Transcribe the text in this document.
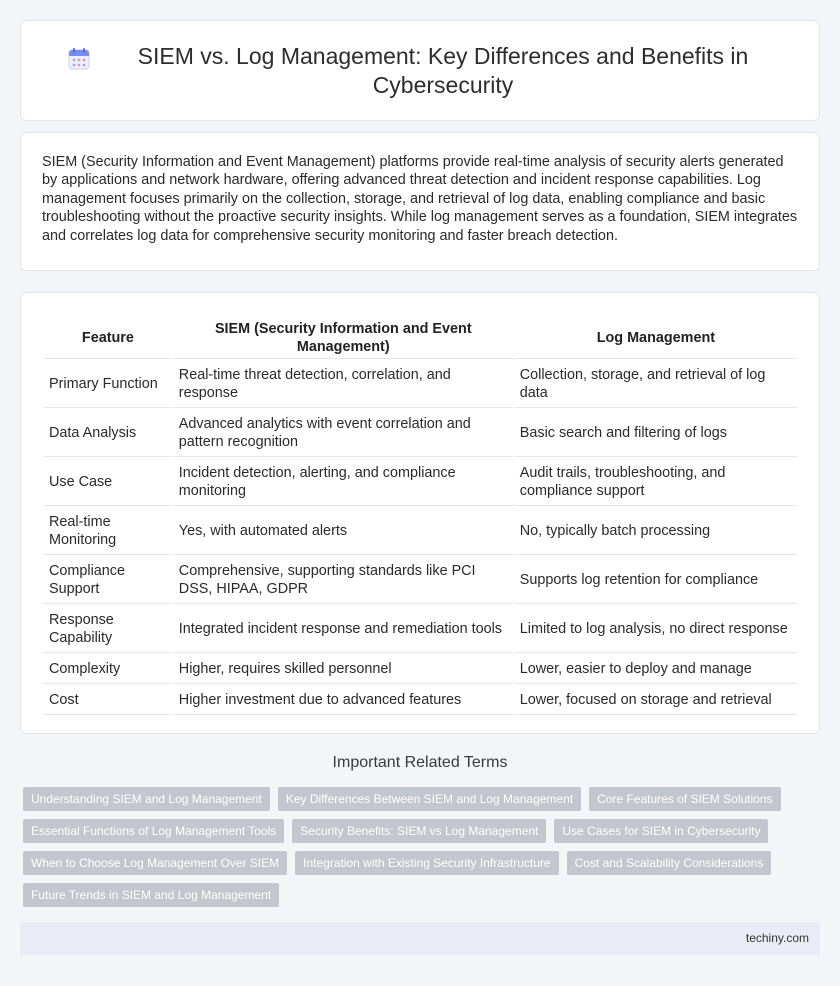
SIEM vs. Log Management: Key Differences and Benefits in Cybersecurity

SIEM (Security Information and Event Management) platforms provide real-time analysis of security alerts generated by applications and network hardware, offering advanced threat detection and incident response capabilities. Log management focuses primarily on the collection, storage, and retrieval of log data, enabling compliance and basic troubleshooting without the proactive security insights. While log management serves as a foundation, SIEM integrates and correlates log data for comprehensive security monitoring and faster breach detection.

Feature	SIEM (Security Information and Event Management)	Log Management
Primary Function	Real-time threat detection, correlation, and response	Collection, storage, and retrieval of log data
Data Analysis	Advanced analytics with event correlation and pattern recognition	Basic search and filtering of logs
Use Case	Incident detection, alerting, and compliance monitoring	Audit trails, troubleshooting, and compliance support
Real-time Monitoring	Yes, with automated alerts	No, typically batch processing
Compliance Support	Comprehensive, supporting standards like PCI DSS, HIPAA, GDPR	Supports log retention for compliance
Response Capability	Integrated incident response and remediation tools	Limited to log analysis, no direct response
Complexity	Higher, requires skilled personnel	Lower, easier to deploy and manage
Cost	Higher investment due to advanced features	Lower, focused on storage and retrieval
Important Related Terms
Understanding SIEM and Log Management	Key Differences Between SIEM and Log Management	Core Features of SIEM Solutions
Essential Functions of Log Management Tools	Security Benefits: SIEM vs Log Management	Use Cases for SIEM in Cybersecurity
When to Choose Log Management Over SIEM	Integration with Existing Security Infrastructure	Cost and Scalability Considerations
Future Trends in SIEM and Log Management
techiny.com
